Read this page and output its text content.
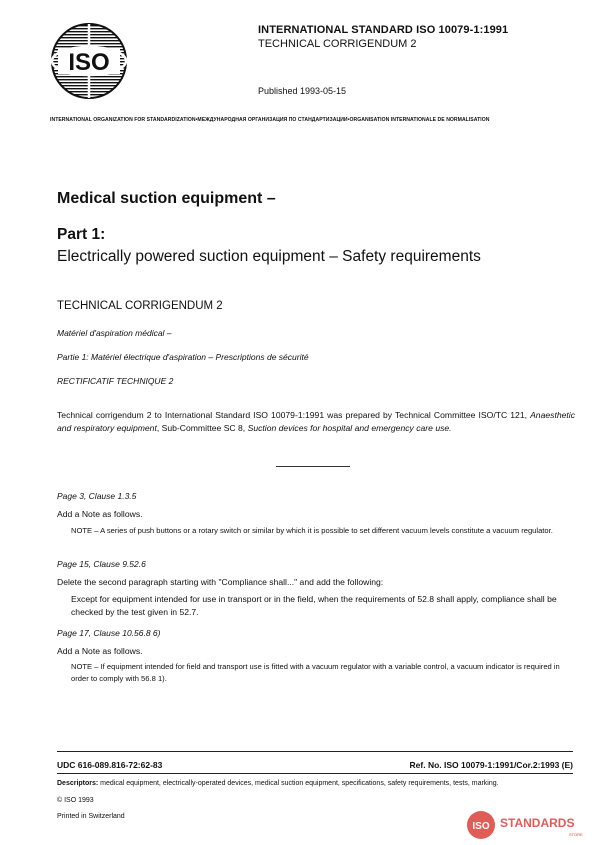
ISO
INTERNATIONAL STANDARD ISO 10079-1:1991
TECHNICAL CORRIGENDUM 2
Published 1993-05-15
INTERNATIONAL ORGANIZATION FOR STANDARDIZATION•МЕЖДУНАРОДНАЯ ОРГАНИЗАЦИЯ ПО СТАНДАРТИЗАЦИИ•ORGANISATION INTERNATIONALE DE NORMALISATION
Medical suction equipment –
Part 1:
Electrically powered suction equipment – Safety requirements
TECHNICAL CORRIGENDUM 2
Matériel d'aspiration médical –
Partie 1: Matériel électrique d'aspiration – Prescriptions de sécurité
RECTIFICATIF TECHNIQUE 2
Technical corrigendum 2 to International Standard ISO 10079-1:1991 was prepared by Technical Committee ISO/TC 121, Anaesthetic and respiratory equipment, Sub-Committee SC 8, Suction devices for hospital and emergency care use.
Page 3, Clause 1.3.5
Add a Note as follows.
NOTE – A series of push buttons or a rotary switch or similar by which it is possible to set different vacuum levels constitute a vacuum regulator.
Page 15, Clause 9.52.6
Delete the second paragraph starting with "Compliance shall..." and add the following:
Except for equipment intended for use in transport or in the field, when the requirements of 52.8 shall apply, compliance shall be checked by the test given in 52.7.
Page 17, Clause 10.56.8 6)
Add a Note as follows.
NOTE – If equipment intended for field and transport use is fitted with a vacuum regulator with a variable control, a vacuum indicator is required in order to comply with 56.8 1).
UDC 616-089.816-72:62-83	Ref. No. ISO 10079-1:1991/Cor.2:1993 (E)
Descriptors: medical equipment, electrically-operated devices, medical suction equipment, specifications, safety requirements, tests, marking.
© ISO 1993
Printed in Switzerland
ISO STANDARDS
STORE
